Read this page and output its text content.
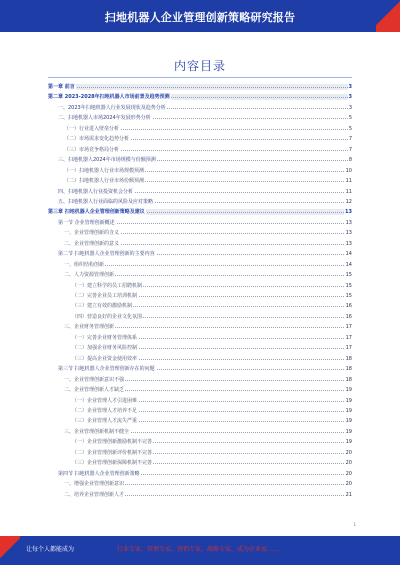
扫地机器人企业管理创新策略研究报告
内容目录
第一章 前言	3
第二章 2023-2028年扫地机器人市场前景及趋势预测	3
一、2023年扫地机器人行业发展现状及趋势分析	3
二、扫地机器人市场2024年发展形势分析	5
（一）行业进入壁垒分析	5
（二）市场需求变化趋势分析	7
（三）市场竞争格局分析	7
三、扫地机器人2024年市场规模与份额预测	8
（一）扫地机器人行业市场规模预测	10
（二）扫地机器人行业市场份额预测	11
四、扫地机器人行业投资机会分析	11
五、扫地机器人行业面临的风险及应对策略	12
第三章 扫地机器人企业管理创新策略及建议	13
第一节 企业管理创新概述	13
一、企业管理创新的含义	13
二、企业管理创新的意义	13
第二节 扫地机器人企业管理创新的主要内容	14
一、组织结构创新	14
二、人力资源管理创新	15
（一）建立科学的员工招聘机制	15
（二）完善企业员工培训机制	15
（三）建立有效的激励机制	16
（四）营造良好的企业文化氛围	16
三、企业财务管理创新	17
（一）完善企业财务管理体系	17
（二）加强企业财务风险控制	17
（三）提高企业资金使用效率	18
第三节 扫地机器人企业管理创新存在的问题	18
一、企业管理创新意识不强	18
二、企业管理创新人才缺乏	19
（一）企业管理人才引进困难	19
（二）企业管理人才培养不足	19
（三）企业管理人才流失严重	19
三、企业管理创新机制不健全	19
（一）企业管理创新激励机制不完善	19
（二）企业管理创新评价机制不完善	20
（三）企业管理创新保障机制不完善	20
第四节 扫地机器人企业管理创新策略	20
一、增强企业管理创新意识	20
二、培养企业管理创新人才	21
1
让每个人都能成为	行业专家，管理专家，营销专家，战略专家，成为企业家……
